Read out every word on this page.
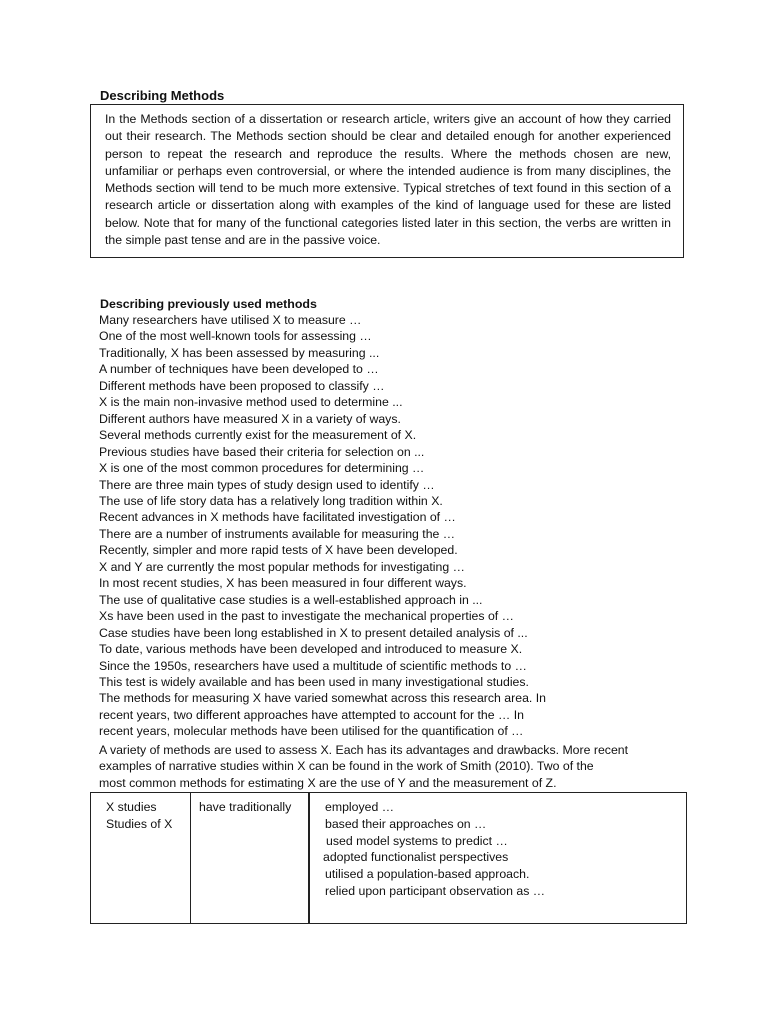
Describing Methods

In the Methods section of a dissertation or research article, writers give an account of how they carried out their research. The Methods section should be clear and detailed enough for another experienced person to repeat the research and reproduce the results. Where the methods chosen are new, unfamiliar or perhaps even controversial, or where the intended audience is from many disciplines, the Methods section will tend to be much more extensive. Typical stretches of text found in this section of a research article or dissertation along with examples of the kind of language used for these are listed below. Note that for many of the functional categories listed later in this section, the verbs are written in the simple past tense and are in the passive voice.

Describing previously used methods
Many researchers have utilised X to measure …
One of the most well-known tools for assessing …
Traditionally, X has been assessed by measuring ...
A number of techniques have been developed to …
Different methods have been proposed to classify …
X is the main non-invasive method used to determine ...
Different authors have measured X in a variety of ways.
Several methods currently exist for the measurement of X.
Previous studies have based their criteria for selection on ...
X is one of the most common procedures for determining …
There are three main types of study design used to identify …
The use of life story data has a relatively long tradition within X.
Recent advances in X methods have facilitated investigation of …
There are a number of instruments available for measuring the …
Recently, simpler and more rapid tests of X have been developed.
X and Y are currently the most popular methods for investigating …
In most recent studies, X has been measured in four different ways.
The use of qualitative case studies is a well-established approach in ...
Xs have been used in the past to investigate the mechanical properties of …
Case studies have been long established in X to present detailed analysis of ...
To date, various methods have been developed and introduced to measure X.
Since the 1950s, researchers have used a multitude of scientific methods to …
This test is widely available and has been used in many investigational studies.
The methods for measuring X have varied somewhat across this research area. In
recent years, two different approaches have attempted to account for the … In
recent years, molecular methods have been utilised for the quantification of …

A variety of methods are used to assess X. Each has its advantages and drawbacks. More recent
examples of narrative studies within X can be found in the work of Smith (2010). Two of the
most common methods for estimating X are the use of Y and the measurement of Z.

X studies
Studies of X
have traditionally	employed …
based their approaches on …
used model systems to predict …
adopted functionalist perspectives
utilised a population-based approach.
relied upon participant observation as …
